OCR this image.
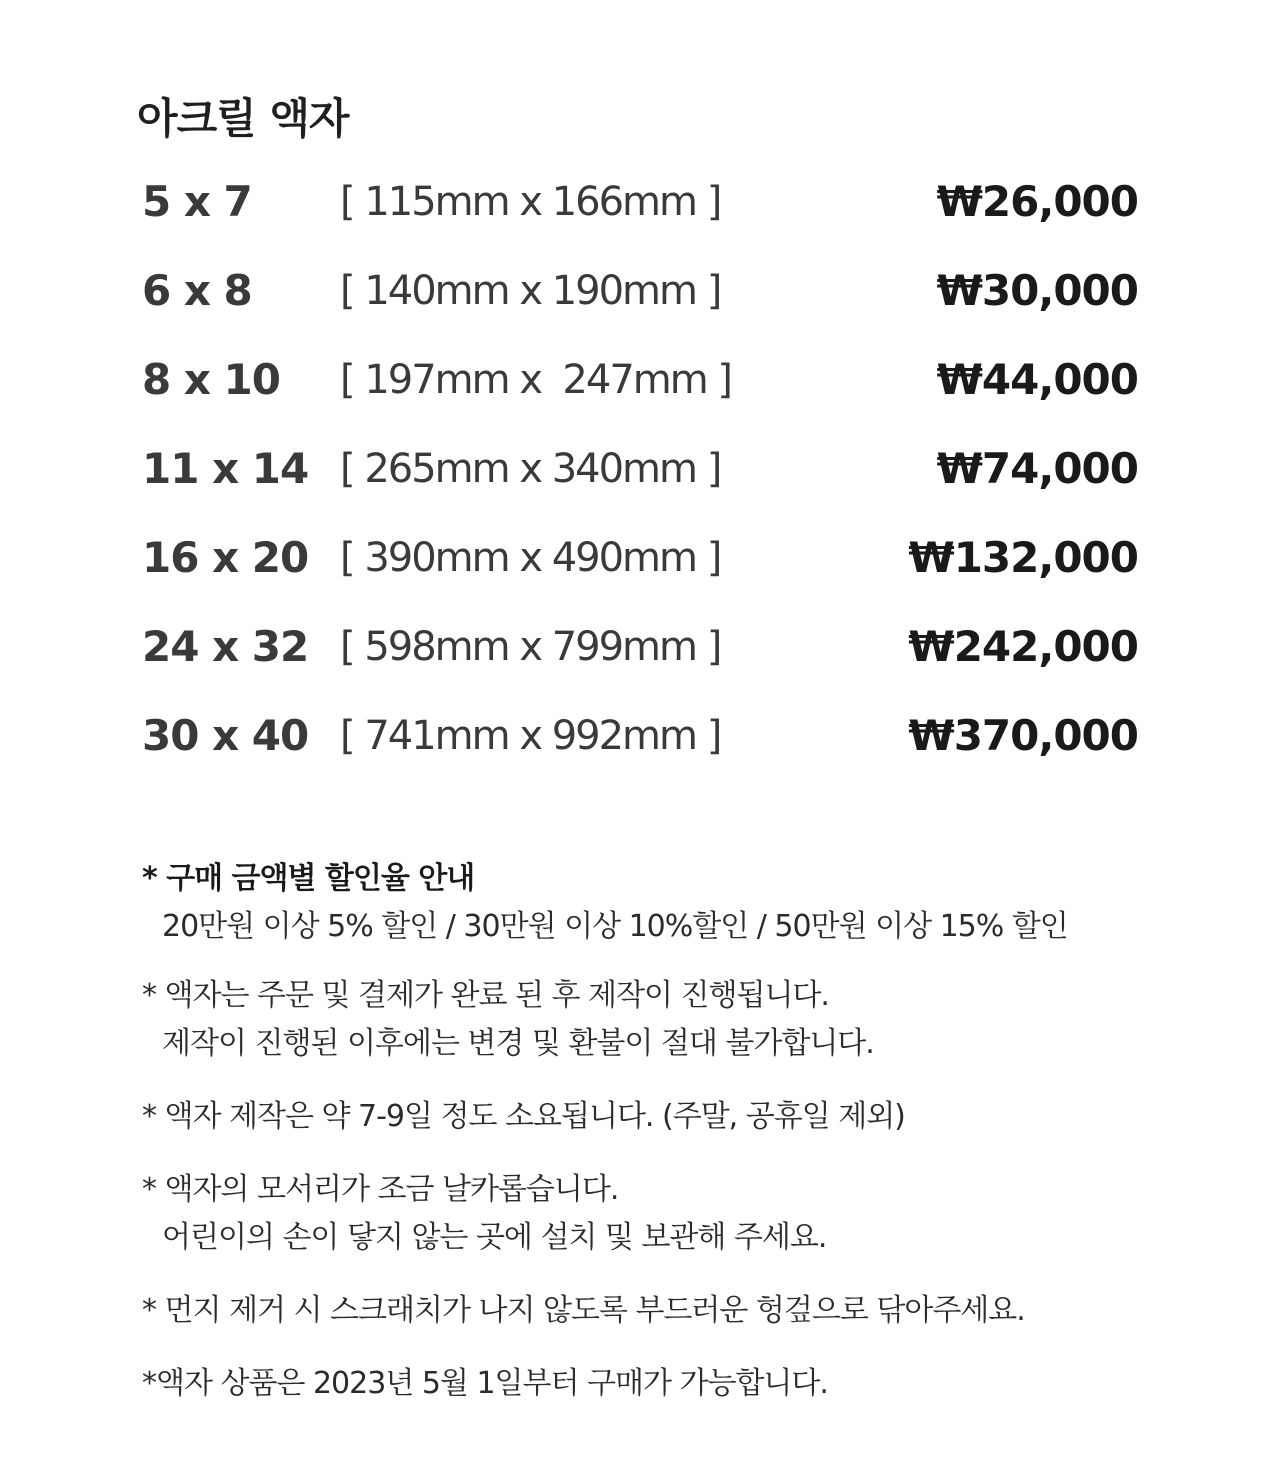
아크릴 액자
5 x 7 [ 115mm x 166mm ]	₩26,000
6 x 8 [ 140mm x 190mm ]	₩30,000
8 x 10 [ 197mm x  247mm ]	₩44,000
11 x 14 [ 265mm x 340mm ]	₩74,000
16 x 20 [ 390mm x 490mm ]	₩132,000
24 x 32 [ 598mm x 799mm ]	₩242,000
30 x 40 [ 741mm x 992mm ]	₩370,000
* 구매 금액별 할인율 안내
20만원 이상 5% 할인 / 30만원 이상 10%할인 / 50만원 이상 15% 할인
* 액자는 주문 및 결제가 완료 된 후 제작이 진행됩니다.
제작이 진행된 이후에는 변경 및 환불이 절대 불가합니다.
* 액자 제작은 약 7-9일 정도 소요됩니다. (주말, 공휴일 제외)
* 액자의 모서리가 조금 날카롭습니다.
어린이의 손이 닿지 않는 곳에 설치 및 보관해 주세요.
* 먼지 제거 시 스크래치가 나지 않도록 부드러운 헝겊으로 닦아주세요.
*액자 상품은 2023년 5월 1일부터 구매가 가능합니다.
